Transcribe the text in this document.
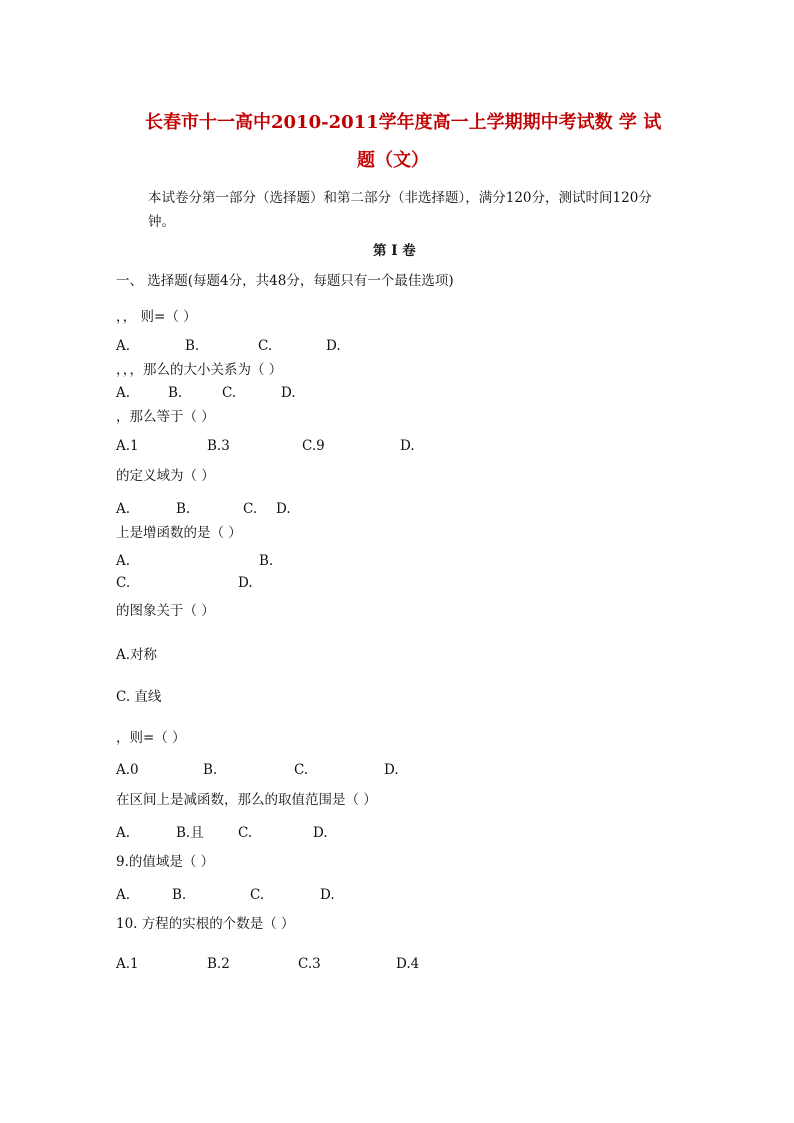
长春市十一高中2010-2011学年度高一上学期期中考试数 学 试
题（文）
本试卷分第一部分（选择题）和第二部分（非选择题），满分120分，测试时间120分
钟。
第 I 卷
一、 选择题(每题4分，共48分，每题只有一个最佳选项)
，， 则=（ ）
A.	B.	C.	D.
，，，那么的大小关系为（ ）
A.	B.	C.	D.
，那么等于（ ）
A.1	B.3	C.9	D.
的定义域为（ ）
A.	B.	C. D.
上是增函数的是（ ）
A.	B.
C.	D.
的图象关于（ ）
A.对称
C. 直线
，则=（ ）
A.0	B.	C.	D.
在区间上是减函数，那么的取值范围是（ ）
A.	B.且	C.	D.
9.的值域是（ ）
A.	B.	C.	D.
10. 方程的实根的个数是（ ）
A.1	B.2	C.3	D.4
